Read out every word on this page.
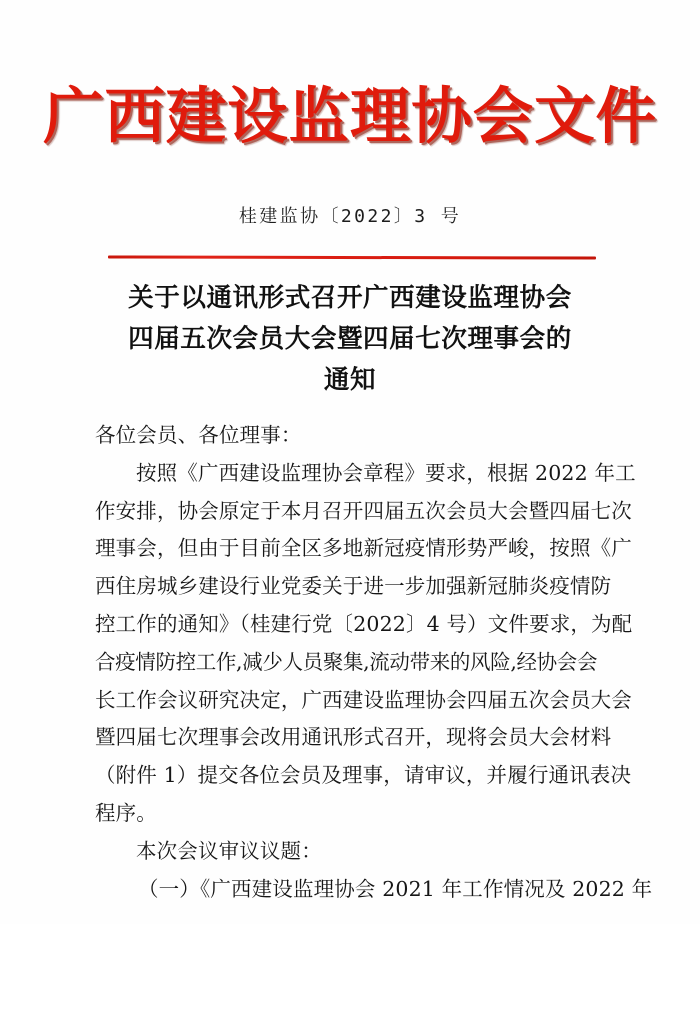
广西建设监理协会文件
桂建监协〔2022〕3 号
关于以通讯形式召开广西建设监理协会
四届五次会员大会暨四届七次理事会的
通知
各位会员、各位理事：
按照《广西建设监理协会章程》要求，根据 2022 年工
作安排，协会原定于本月召开四届五次会员大会暨四届七次
理事会，但由于目前全区多地新冠疫情形势严峻，按照《广
西住房城乡建设行业党委关于进一步加强新冠肺炎疫情防
控工作的通知》（桂建行党〔2022〕4 号）文件要求，为配
合疫情防控工作,减少人员聚集,流动带来的风险,经协会会
长工作会议研究决定，广西建设监理协会四届五次会员大会
暨四届七次理事会改用通讯形式召开，现将会员大会材料
（附件 1）提交各位会员及理事，请审议，并履行通讯表决
程序。
本次会议审议议题：
（一）《广西建设监理协会 2021 年工作情况及 2022 年
